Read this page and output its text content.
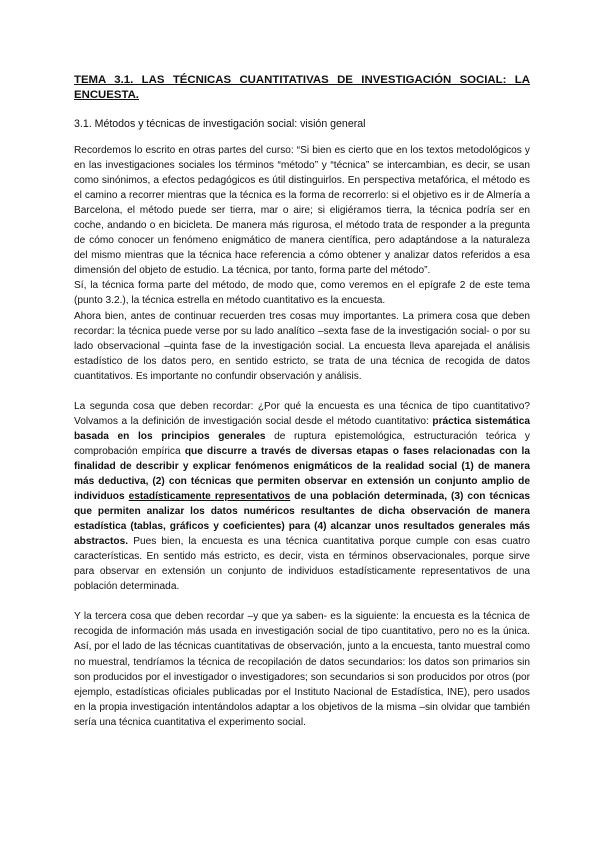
TEMA 3.1. LAS TÉCNICAS CUANTITATIVAS DE INVESTIGACIÓN SOCIAL: LA ENCUESTA.
3.1. Métodos y técnicas de investigación social: visión general

Recordemos lo escrito en otras partes del curso: “Si bien es cierto que en los textos metodológicos y en las investigaciones sociales los términos “método” y “técnica” se intercambian, es decir, se usan como sinónimos, a efectos pedagógicos es útil distinguirlos. En perspectiva metafórica, el método es el camino a recorrer mientras que la técnica es la forma de recorrerlo: si el objetivo es ir de Almería a Barcelona, el método puede ser tierra, mar o aire; si eligiéramos tierra, la técnica podría ser en coche, andando o en bicicleta. De manera más rigurosa, el método trata de responder a la pregunta de cómo conocer un fenómeno enigmático de manera científica, pero adaptándose a la naturaleza del mismo mientras que la técnica hace referencia a cómo obtener y analizar datos referidos a esa dimensión del objeto de estudio. La técnica, por tanto, forma parte del método”.

Sí, la técnica forma parte del método, de modo que, como veremos en el epígrafe 2 de este tema (punto 3.2.), la técnica estrella en método cuantitativo es la encuesta.

Ahora bien, antes de continuar recuerden tres cosas muy importantes. La primera cosa que deben recordar: la técnica puede verse por su lado analítico –sexta fase de la investigación social- o por su lado observacional –quinta fase de la investigación social. La encuesta lleva aparejada el análisis estadístico de los datos pero, en sentido estricto, se trata de una técnica de recogida de datos cuantitativos. Es importante no confundir observación y análisis.

La segunda cosa que deben recordar: ¿Por qué la encuesta es una técnica de tipo cuantitativo? Volvamos a la definición de investigación social desde el método cuantitativo: práctica sistemática basada en los principios generales de ruptura epistemológica, estructuración teórica y comprobación empírica que discurre a través de diversas etapas o fases relacionadas con la finalidad de describir y explicar fenómenos enigmáticos de la realidad social (1) de manera más deductiva, (2) con técnicas que permiten observar en extensión un conjunto amplio de individuos estadísticamente representativos de una población determinada, (3) con técnicas que permiten analizar los datos numéricos resultantes de dicha observación de manera estadística (tablas, gráficos y coeficientes) para (4) alcanzar unos resultados generales más abstractos. Pues bien, la encuesta es una técnica cuantitativa porque cumple con esas cuatro características. En sentido más estricto, es decir, vista en términos observacionales, porque sirve para observar en extensión un conjunto de individuos estadísticamente representativos de una población determinada.

Y la tercera cosa que deben recordar –y que ya saben- es la siguiente: la encuesta es la técnica de recogida de información más usada en investigación social de tipo cuantitativo, pero no es la única. Así, por el lado de las técnicas cuantitativas de observación, junto a la encuesta, tanto muestral como no muestral, tendríamos la técnica de recopilación de datos secundarios: los datos son primarios sin son producidos por el investigador o investigadores; son secundarios si son producidos por otros (por ejemplo, estadísticas oficiales publicadas por el Instituto Nacional de Estadística, INE), pero usados en la propia investigación intentándolos adaptar a los objetivos de la misma –sin olvidar que también sería una técnica cuantitativa el experimento social.
